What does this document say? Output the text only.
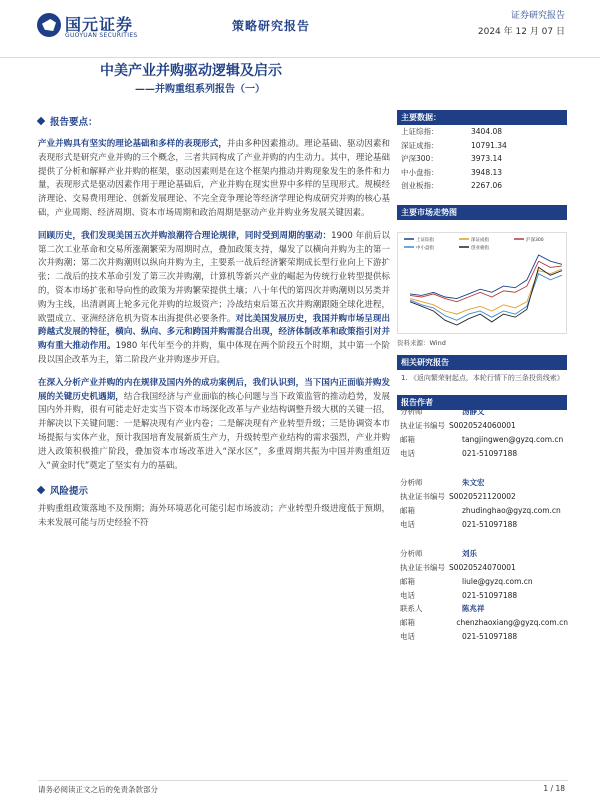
国元证券
GUOYUAN SECURITIES
策略研究报告
证券研究报告
2024 年 12 月 07 日
中美产业并购驱动逻辑及启示
——并购重组系列报告（一）
报告要点：

产业并购具有坚实的理论基础和多样的表现形式，并由多种因素推动。理论基础、驱动因素和表现形式是研究产业并购的三个概念，三者共同构成了产业并购的内生动力。其中，理论基础提供了分析和解释产业并购的框架，驱动因素则是在这个框架内推动并购现象发生的条件和力量，表现形式是驱动因素作用于理论基础后，产业并购在现实世界中多样的呈现形式。规模经济理论、交易费用理论、创新发展理论、不完全竞争理论等经济学理论构成研究并购的核心基础，产业周期、经济周期、资本市场周期和政治周期是驱动产业并购业务发展关键因素。

回顾历史，我们发现美国五次并购浪潮符合理论规律，同时受到周期的驱动：1900 年前后以第二次工业革命和交易所涨潮繁荣为周期时点，叠加政策支持，爆发了以横向并购为主的第一次并购潮；第二次并购潮则以纵向并购为主，主要系一战后经济繁荣期成长型行业向上下游扩张；二战后的技术革命引发了第三次并购潮，计算机等新兴产业的崛起为传统行业转型提供标的，资本市场扩张和导向性的政策为并购繁荣提供土壤；八十年代的第四次并购潮则以另类并购为主线，出清剥离上轮多元化并购的垃圾资产；冷战结束后第五次并购潮跟随全球化进程，欧盟成立、亚洲经济危机为资本出海提供必要条件。对比美国发展历史，我国并购市场呈现出跨越式发展的特征，横向、纵向、多元和跨国并购需混合出现，经济体制改革和政策指引对并购有重大推动作用。1980 年代年至今的并购，集中体现在两个阶段五个时期，其中第一个阶段以国企改革为主，第二阶段产业并购逐步开启。

在深入分析产业并购的内在规律及国内外的成功案例后，我们认识到，当下国内正面临并购发展的关键历史机遇期，结合我国经济与产业面临的核心问题与当下政策监管的推动趋势，发展国内外并购，很有可能走好走实当下资本市场深化改革与产业结构调整升级大棋的关键一招，并解决以下关键问题：一是解决现有产业内卷；二是解决现有产业转型升级；三是协调资本市场提振与实体产业，预计我国培育发展新质生产力，升级转型产业结构的需求强烈，产业并购进入政策积极推广阶段，叠加资本市场改革进入“深水区”，多重周期共振为中国并购重组迈入“黄金时代”奠定了坚实有力的基础。

风险提示

并购重组政策落地不及预期；海外环境恶化可能引起市场波动；产业转型升级进度低于预期，未来发展可能与历史经验不符

主要数据：
上证综指：	3404.08
深证成指：	10791.34
沪深300：	3973.14
中小盘指：	3948.13
创业板指：	2267.06
主要市场走势图
上证综指	深证成指	沪深300
中小盘指	创业板指
资料来源：Wind
相关研究报告
1. 《返向繁荣射起点，本轮行情下的三条投资线索》
报告作者
分析师	汤静文
执业证书编号 S0020524060001
邮箱	tangjingwen@gyzq.com.cn
电话	021-51097188
分析师	朱文宏
执业证书编号 S0020521120002
邮箱	zhudinghao@gyzq.com.cn
电话	021-51097188
分析师	刘乐
执业证书编号 S0020524070001
邮箱	liule@gyzq.com.cn
电话	021-51097188
联系人	陈兆祥
邮箱	chenzhaoxiang@gyzq.com.cn
电话	021-51097188
请务必阅读正文之后的免责条款部分	1 / 18
